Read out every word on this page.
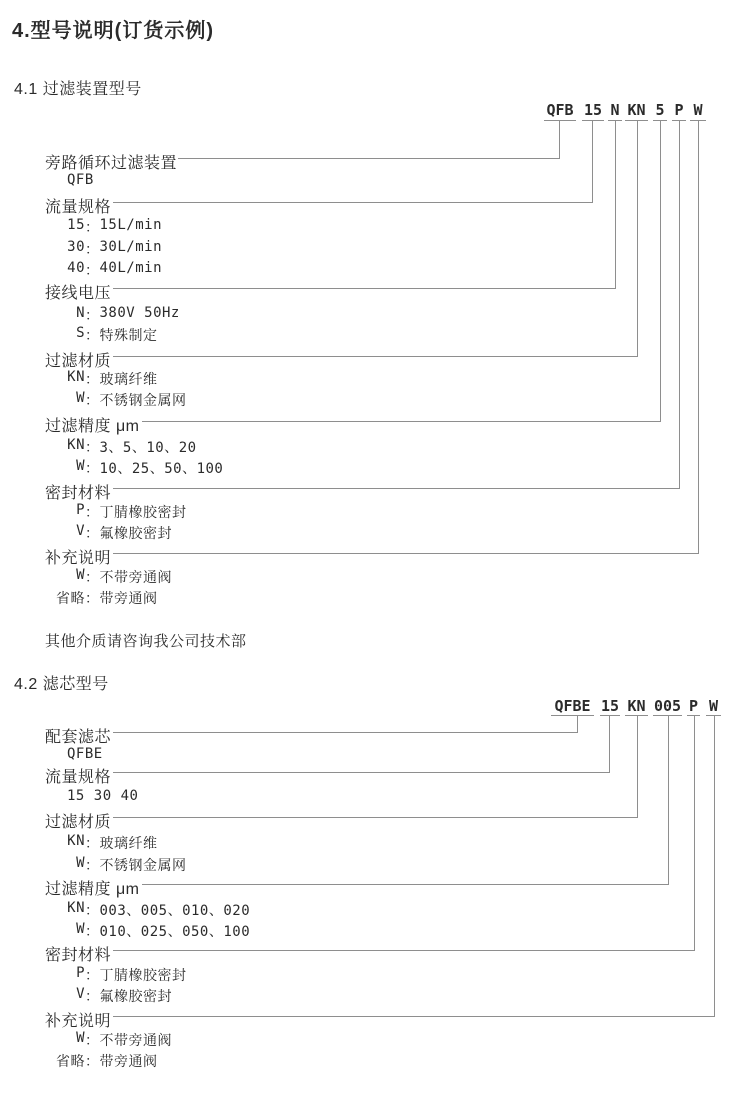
4.型号说明(订货示例)
4.1 过滤装置型号
其他介质请咨询我公司技术部
4.2 滤芯型号
QFB 15 N KN 5 P W
旁路循环过滤装置
QFB
流量规格
15 ： 15L/min
30 ： 30L/min
40 ： 40L/min
接线电压
N ： 380V 50Hz
S ： 特殊制定
过滤材质
KN ： 玻璃纤维
W ： 不锈钢金属网
过滤精度 μm
KN ： 3、5、10、20
W ： 10、25、50、100
密封材料
P ： 丁腈橡胶密封
V ： 氟橡胶密封
补充说明
W ： 不带旁通阀
省略 ： 带旁通阀
QFBE 15 KN 005 P W
配套滤芯
QFBE
流量规格
15 30 40
过滤材质
KN ： 玻璃纤维
W ： 不锈钢金属网
过滤精度 μm
KN ： 003、005、010、020
W ： 010、025、050、100
密封材料
P ： 丁腈橡胶密封
V ： 氟橡胶密封
补充说明
W ： 不带旁通阀
省略 ： 带旁通阀
